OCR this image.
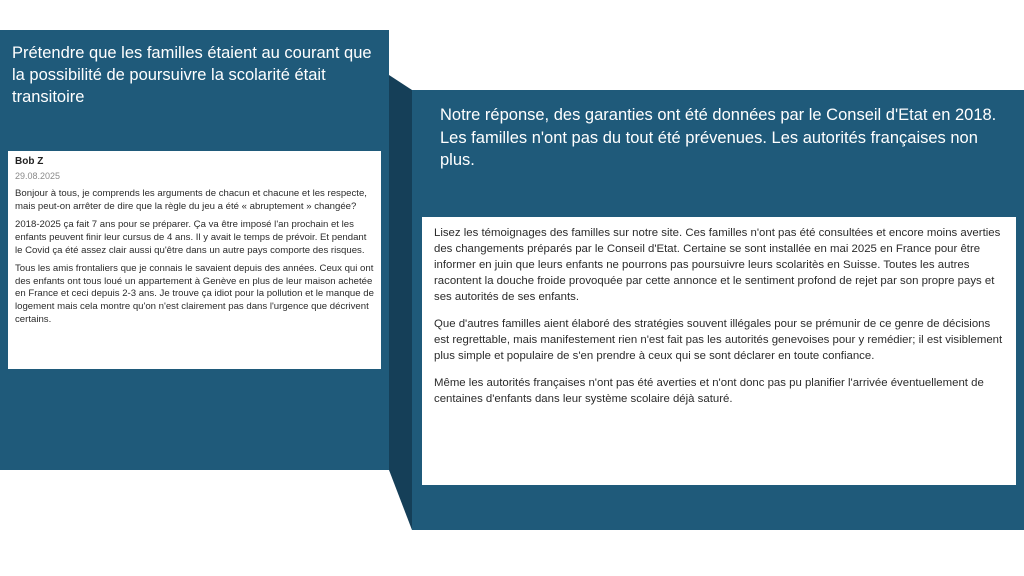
Prétendre que les familles étaient au courant que la possibilité de poursuivre la scolarité était transitoire
Bob Z
29.08.2025

Bonjour à tous, je comprends les arguments de chacun et chacune et les respecte, mais peut-on arrêter de dire que la règle du jeu a été « abruptement » changée?

2018-2025 ça fait 7 ans pour se préparer. Ça va être imposé l'an prochain et les enfants peuvent finir leur cursus de 4 ans. Il y avait le temps de prévoir. Et pendant le Covid ça été assez clair aussi qu'être dans un autre pays comporte des risques.

Tous les amis frontaliers que je connais le savaient depuis des années. Ceux qui ont des enfants ont tous loué un appartement à Genève en plus de leur maison achetée en France et ceci depuis 2-3 ans. Je trouve ça idiot pour la pollution et le manque de logement mais cela montre qu'on n'est clairement pas dans l'urgence que décrivent certains.

Notre réponse, des garanties ont été données par le Conseil d'Etat en 2018. Les familles n'ont pas du tout été prévenues. Les autorités françaises non plus.

Lisez les témoignages des familles sur notre site. Ces familles n'ont pas été consultées et encore moins averties des changements préparés par le Conseil d'Etat. Certaine se sont installée en mai 2025 en France pour être informer en juin que leurs enfants ne pourrons pas poursuivre leurs scolaritès en Suisse. Toutes les autres racontent la douche froide provoquée par cette annonce et le sentiment profond de rejet par son propre pays et ses autorités de ses enfants.

Que d'autres familles aient élaboré des stratégies souvent illégales pour se prémunir de ce genre de décisions est regrettable, mais manifestement rien n'est fait pas les autorités genevoises pour y remédier; il est visiblement plus simple et populaire de s'en prendre à ceux qui se sont déclarer en toute confiance.

Même les autorités françaises n'ont pas été averties et n'ont donc pas pu planifier l'arrivée éventuellement de centaines d'enfants dans leur système scolaire déjà saturé.
